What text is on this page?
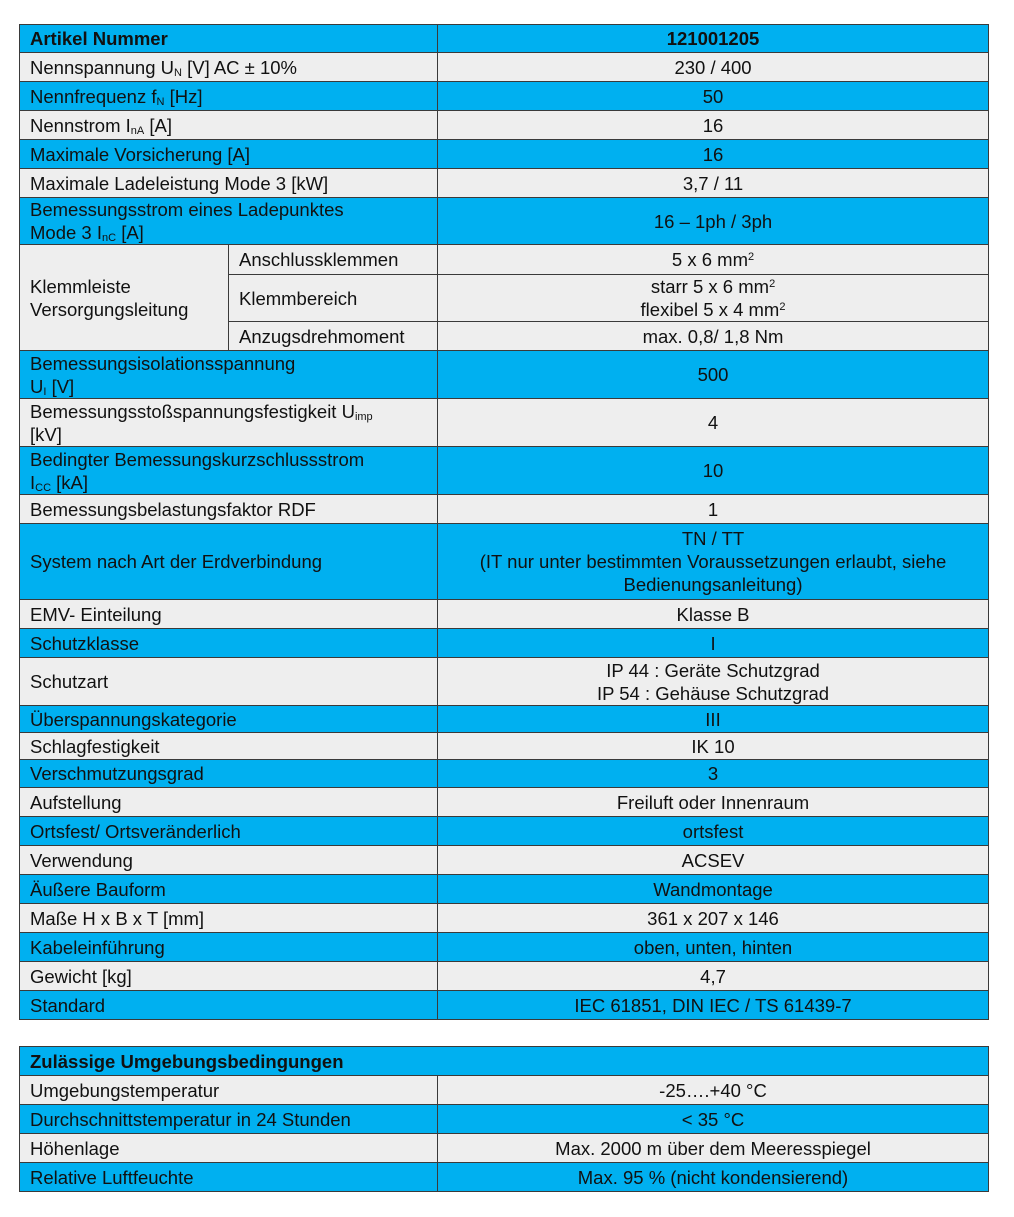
Artikel Nummer		121001205
Nennspannung $U_N$ [V] AC ± 10%		230 / 400
Nennfrequenz $f_N$ [Hz]		50
Nennstrom $I_{nA}$ [A]		16
Maximale Vorsicherung [A]		16
Maximale Ladeleistung Mode 3 [kW]		3,7 / 11
Bemessungsstrom eines Ladepunktes
Mode 3 $I_{nC}$ [A]		16 – 1ph / 3ph
Klemmleiste
Versorgungsleitung	Anschlussklemmen	5 x 6 $mm^2$
	Klemmbereich	starr 5 x 6 $mm^2$
flexibel 5 x 4 $mm^2$
	Anzugsdrehmoment	max. 0,8/ 1,8 Nm
Bemessungsisolationsspannung
$U_I$ [V]		500
Bemessungsstoßspannungsfestigkeit $U_{imp}$
[kV]		4
Bedingter Bemessungskurzschlussstrom
$I_{CC}$ [kA]		10
Bemessungsbelastungsfaktor RDF		1
System nach Art der Erdverbindung		TN / TT
(IT nur unter bestimmten Voraussetzungen erlaubt, siehe
Bedienungsanleitung)
EMV- Einteilung		Klasse B
Schutzklasse		I
Schutzart		IP 44 : Geräte Schutzgrad
IP 54 : Gehäuse Schutzgrad
Überspannungskategorie		III
Schlagfestigkeit		IK 10
Verschmutzungsgrad		3
Aufstellung		Freiluft oder Innenraum
Ortsfest/ Ortsveränderlich		ortsfest
Verwendung		ACSEV
Äußere Bauform		Wandmontage
Maße H x B x T [mm]		361 x 207 x 146
Kabeleinführung		oben, unten, hinten
Gewicht [kg]		4,7
Standard		IEC 61851, DIN IEC / TS 61439-7
Zulässige Umgebungsbedingungen	
Umgebungstemperatur	-25….+40 °C
Durchschnittstemperatur in 24 Stunden	< 35 °C
Höhenlage	Max. 2000 m über dem Meeresspiegel
Relative Luftfeuchte	Max. 95 % (nicht kondensierend)
